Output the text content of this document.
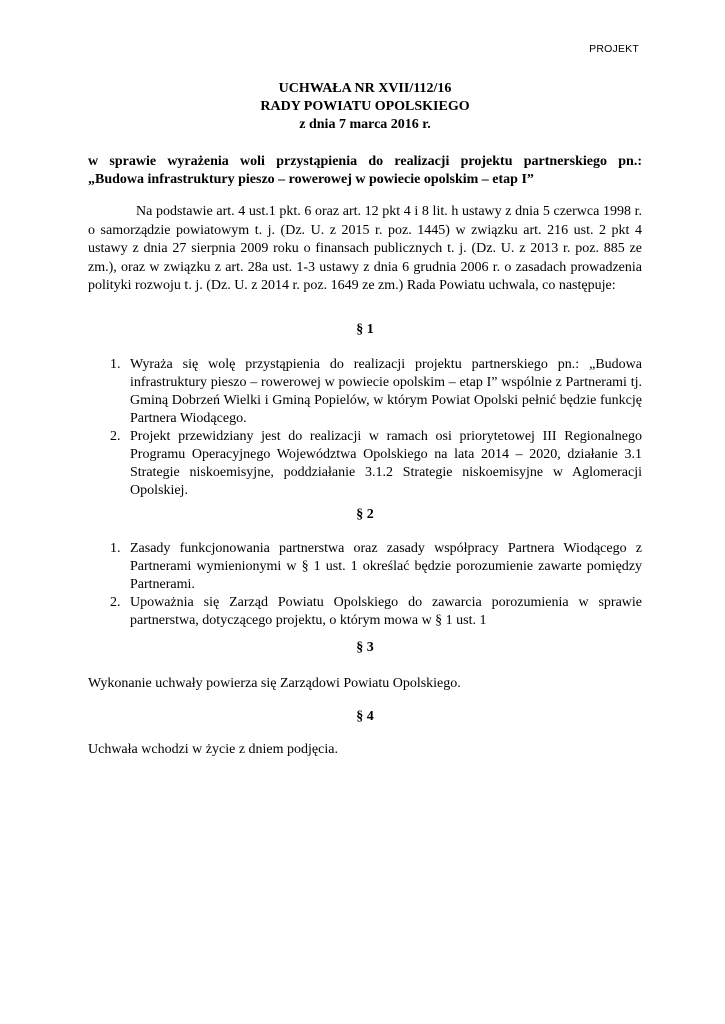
PROJEKT
UCHWAŁA NR XVII/112/16
RADY POWIATU OPOLSKIEGO
z dnia 7 marca 2016 r.
w sprawie wyrażenia woli przystąpienia do realizacji projektu partnerskiego pn.:
„Budowa infrastruktury pieszo – rowerowej w powiecie opolskim – etap I”
Na podstawie art. 4 ust.1 pkt. 6 oraz art. 12 pkt 4 i 8 lit. h ustawy z dnia 5 czerwca 1998 r. o samorządzie powiatowym t. j. (Dz. U. z 2015 r. poz. 1445) w związku art. 216 ust. 2 pkt 4 ustawy z dnia 27 sierpnia 2009 roku o finansach publicznych t. j. (Dz. U. z 2013 r. poz. 885 ze zm.), oraz w związku z art. 28a ust. 1-3 ustawy z dnia 6 grudnia 2006 r. o zasadach prowadzenia polityki rozwoju t. j. (Dz. U. z 2014 r. poz. 1649 ze zm.) Rada Powiatu uchwala, co następuje:
§ 1
1. Wyraża się wolę przystąpienia do realizacji projektu partnerskiego pn.: „Budowa infrastruktury pieszo – rowerowej w powiecie opolskim – etap I” wspólnie z Partnerami tj. Gminą Dobrzeń Wielki i Gminą Popielów, w którym Powiat Opolski pełnić będzie funkcję Partnera Wiodącego.
2. Projekt przewidziany jest do realizacji w ramach osi priorytetowej III Regionalnego Programu Operacyjnego Województwa Opolskiego na lata 2014 – 2020, działanie 3.1 Strategie niskoemisyjne, poddziałanie 3.1.2 Strategie niskoemisyjne w Aglomeracji Opolskiej.
§ 2
1. Zasady funkcjonowania partnerstwa oraz zasady współpracy Partnera Wiodącego z Partnerami wymienionymi w § 1 ust. 1 określać będzie porozumienie zawarte pomiędzy Partnerami.
2. Upoważnia się Zarząd Powiatu Opolskiego do zawarcia porozumienia w sprawie partnerstwa, dotyczącego projektu, o którym mowa w § 1 ust. 1
§ 3
Wykonanie uchwały powierza się Zarządowi Powiatu Opolskiego.
§ 4
Uchwała wchodzi w życie z dniem podjęcia.
